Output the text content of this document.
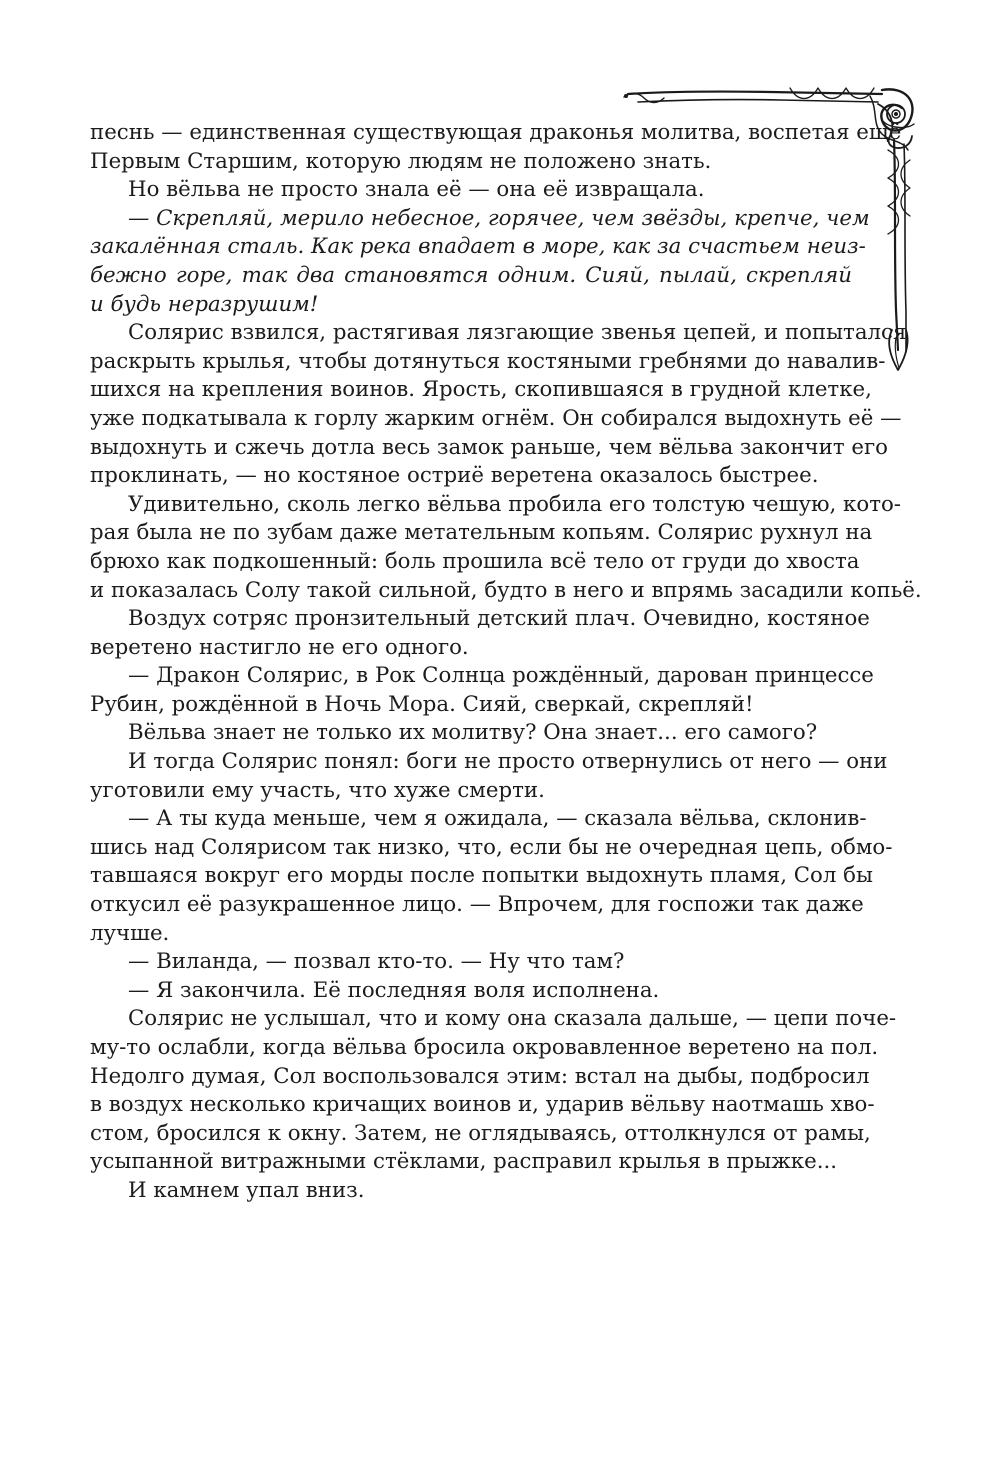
песнь — единственная существующая драконья молитва, воспетая ещё
Первым Старшим, которую людям не положено знать.
Но вёльва не просто знала её — она её извращала.
— Скрепляй, мерило небесное, горячее, чем звёзды, крепче, чем
закалённая сталь. Как река впадает в море, как за счастьем неиз-
бежно горе, так два становятся одним. Сияй, пылай, скрепляй
и будь неразрушим!
Солярис взвился, растягивая лязгающие звенья цепей, и попытался
раскрыть крылья, чтобы дотянуться костяными гребнями до навалив-
шихся на крепления воинов. Ярость, скопившаяся в грудной клетке,
уже подкатывала к горлу жарким огнём. Он собирался выдохнуть её —
выдохнуть и сжечь дотла весь замок раньше, чем вёльва закончит его
проклинать, — но костяное остриё веретена оказалось быстрее.
Удивительно, сколь легко вёльва пробила его толстую чешую, кото-
рая была не по зубам даже метательным копьям. Солярис рухнул на
брюхо как подкошенный: боль прошила всё тело от груди до хвоста
и показалась Солу такой сильной, будто в него и впрямь засадили копьё.
Воздух сотряс пронзительный детский плач. Очевидно, костяное
веретено настигло не его одного.
— Дракон Солярис, в Рок Солнца рождённый, дарован принцессе
Рубин, рождённой в Ночь Мора. Сияй, сверкай, скрепляй!
Вёльва знает не только их молитву? Она знает... его самого?
И тогда Солярис понял: боги не просто отвернулись от него — они
уготовили ему участь, что хуже смерти.
— А ты куда меньше, чем я ожидала, — сказала вёльва, склонив-
шись над Солярисом так низко, что, если бы не очередная цепь, обмо-
тавшаяся вокруг его морды после попытки выдохнуть пламя, Сол бы
откусил её разукрашенное лицо. — Впрочем, для госпожи так даже
лучше.
— Виланда, — позвал кто-то. — Ну что там?
— Я закончила. Её последняя воля исполнена.
Солярис не услышал, что и кому она сказала дальше, — цепи поче-
му-то ослабли, когда вёльва бросила окровавленное веретено на пол.
Недолго думая, Сол воспользовался этим: встал на дыбы, подбросил
в воздух несколько кричащих воинов и, ударив вёльву наотмашь хво-
стом, бросился к окну. Затем, не оглядываясь, оттолкнулся от рамы,
усыпанной витражными стёклами, расправил крылья в прыжке...
И камнем упал вниз.
